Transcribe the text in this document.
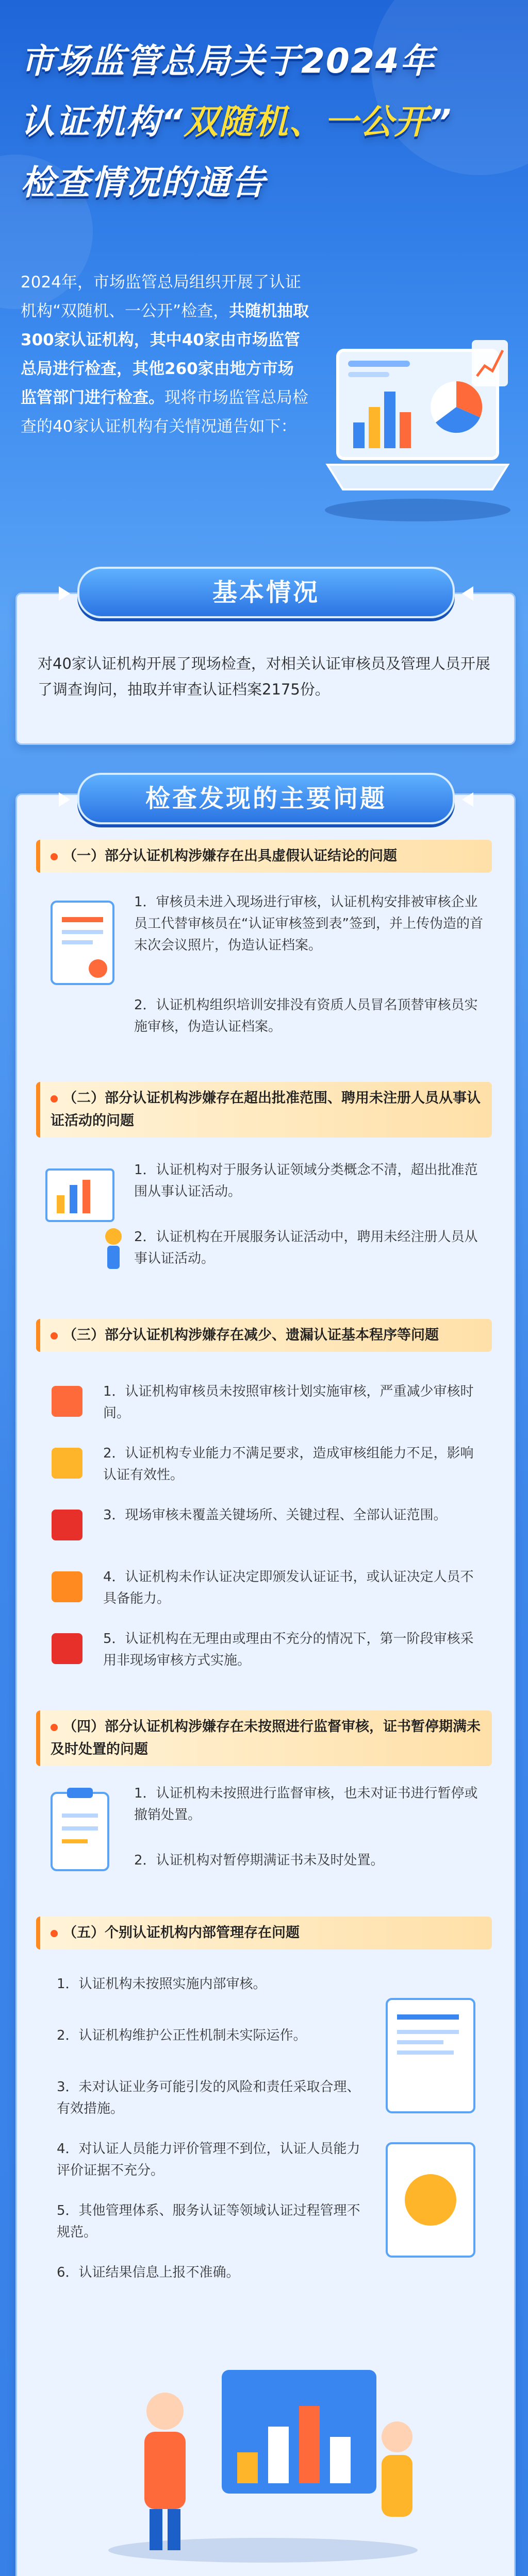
市场监管总局关于2024年
认证机构“双随机、一公开”
检查情况的通告
2024年，市场监管总局组织开展了认证机构“双随机、一公开”检查，共随机抽取300家认证机构，其中40家由市场监管总局进行检查，其他260家由地方市场监管部门进行检查。现将市场监管总局检查的40家认证机构有关情况通告如下：
对40家认证机构开展了现场检查，对相关认证审核员及管理人员开展了调查询问，抽取并审查认证档案2175份。
基本情况
检查发现的主要问题
（一）部分认证机构涉嫌存在出具虚假认证结论的问题
1．审核员未进入现场进行审核，认证机构安排被审核企业员工代替审核员在“认证审核签到表”签到，并上传伪造的首末次会议照片，伪造认证档案。
2．认证机构组织培训安排没有资质人员冒名顶替审核员实施审核，伪造认证档案。
（二）部分认证机构涉嫌存在超出批准范围、聘用未注册人员从事认证活动的问题
1．认证机构对于服务认证领域分类概念不清，超出批准范围从事认证活动。
2．认证机构在开展服务认证活动中，聘用未经注册人员从事认证活动。
（三）部分认证机构涉嫌存在减少、遗漏认证基本程序等问题
1．认证机构审核员未按照审核计划实施审核，严重减少审核时间。
2．认证机构专业能力不满足要求，造成审核组能力不足，影响认证有效性。
3．现场审核未覆盖关键场所、关键过程、全部认证范围。
4．认证机构未作认证决定即颁发认证证书，或认证决定人员不具备能力。
5．认证机构在无理由或理由不充分的情况下，第一阶段审核采用非现场审核方式实施。
（四）部分认证机构涉嫌存在未按照进行监督审核，证书暂停期满未及时处置的问题
1．认证机构未按照进行监督审核，也未对证书进行暂停或撤销处置。
2．认证机构对暂停期满证书未及时处置。
（五）个别认证机构内部管理存在问题
1．认证机构未按照实施内部审核。
2．认证机构维护公正性机制未实际运作。
3．未对认证业务可能引发的风险和责任采取合理、有效措施。
4．对认证人员能力评价管理不到位，认证人员能力评价证据不充分。
5．其他管理体系、服务认证等领域认证过程管理不规范。
6．认证结果信息上报不准确。
